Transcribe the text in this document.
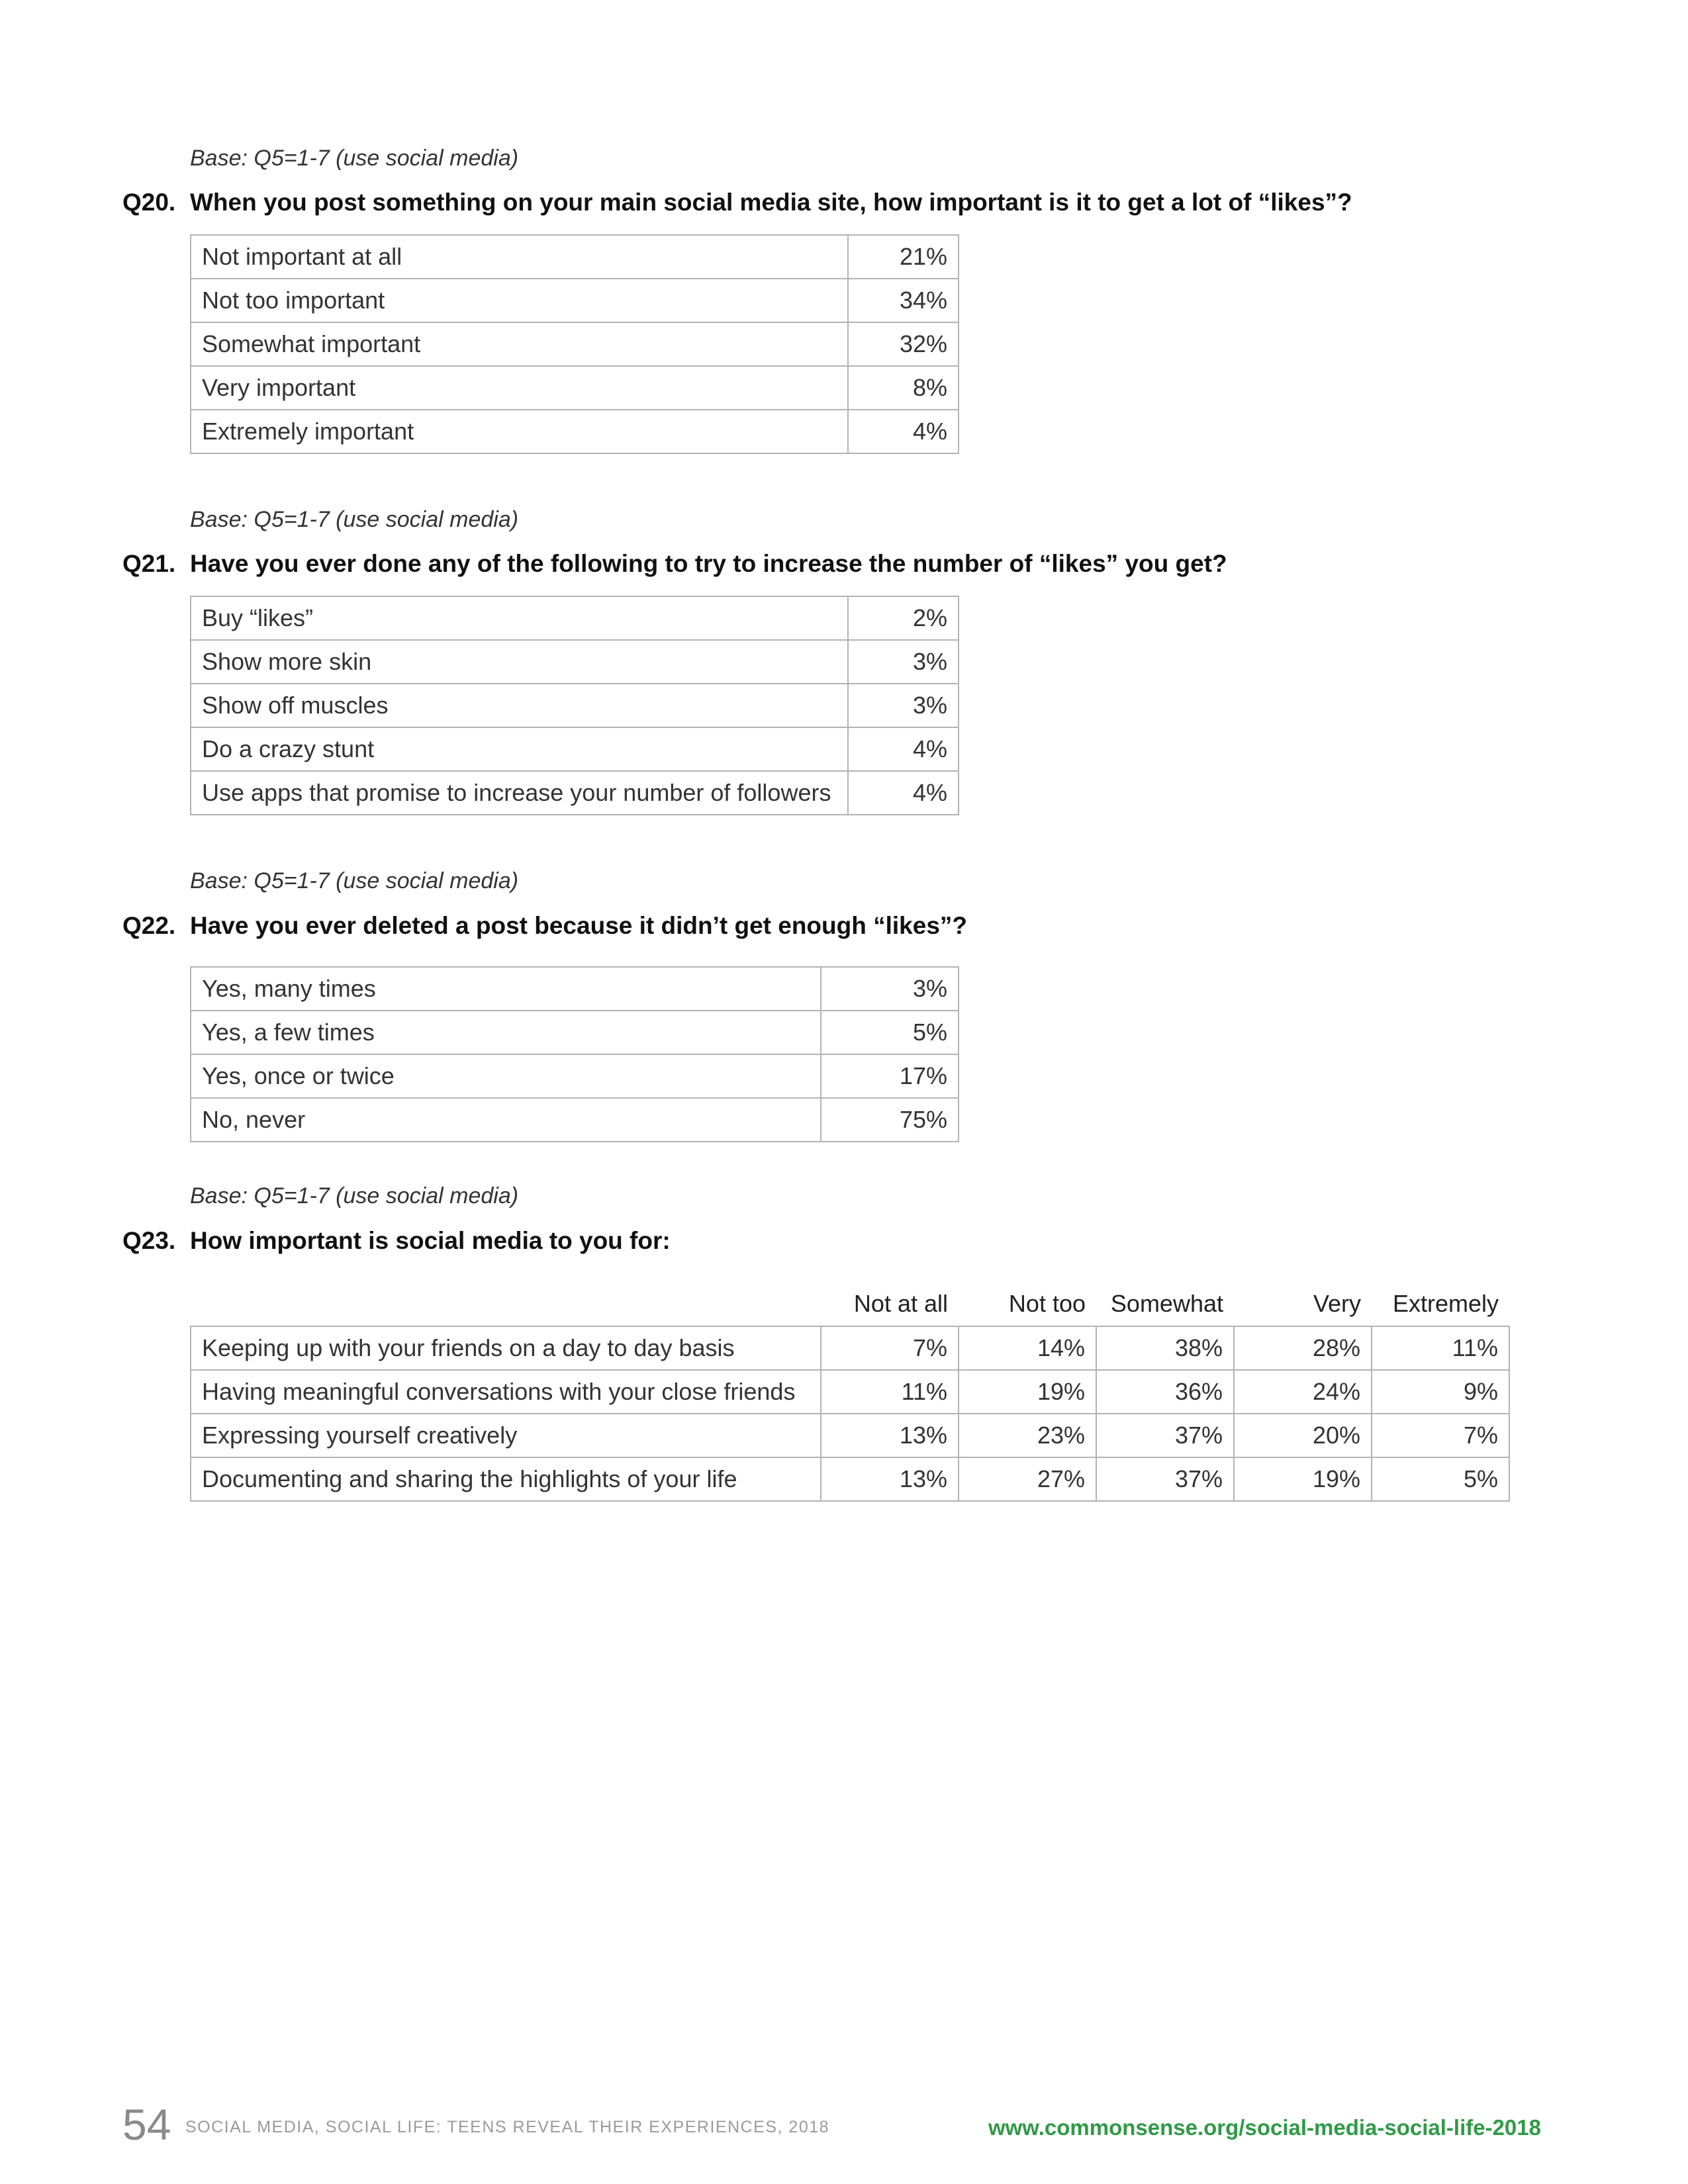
Base: Q5=1-7 (use social media)
Q20. When you post something on your main social media site, how important is it to get a lot of “likes”?
Not important at all	21%
Not too important	34%
Somewhat important	32%
Very important	8%
Extremely important	4%
Base: Q5=1-7 (use social media)
Q21. Have you ever done any of the following to try to increase the number of “likes” you get?
Buy “likes”	2%
Show more skin	3%
Show off muscles	3%
Do a crazy stunt	4%
Use apps that promise to increase your number of followers	4%
Base: Q5=1-7 (use social media)
Q22. Have you ever deleted a post because it didn’t get enough “likes”?
Yes, many times	3%
Yes, a few times	5%
Yes, once or twice	17%
No, never	75%
Base: Q5=1-7 (use social media)
Q23. How important is social media to you for:
	Not at all	Not too	Somewhat	Very	Extremely
Keeping up with your friends on a day to day basis	7%	14%	38%	28%	11%
Having meaningful conversations with your close friends	11%	19%	36%	24%	9%
Expressing yourself creatively	13%	23%	37%	20%	7%
Documenting and sharing the highlights of your life	13%	27%	37%	19%	5%
54 SOCIAL MEDIA, SOCIAL LIFE: TEENS REVEAL THEIR EXPERIENCES, 2018	www.commonsense.org/social-media-social-life-2018
